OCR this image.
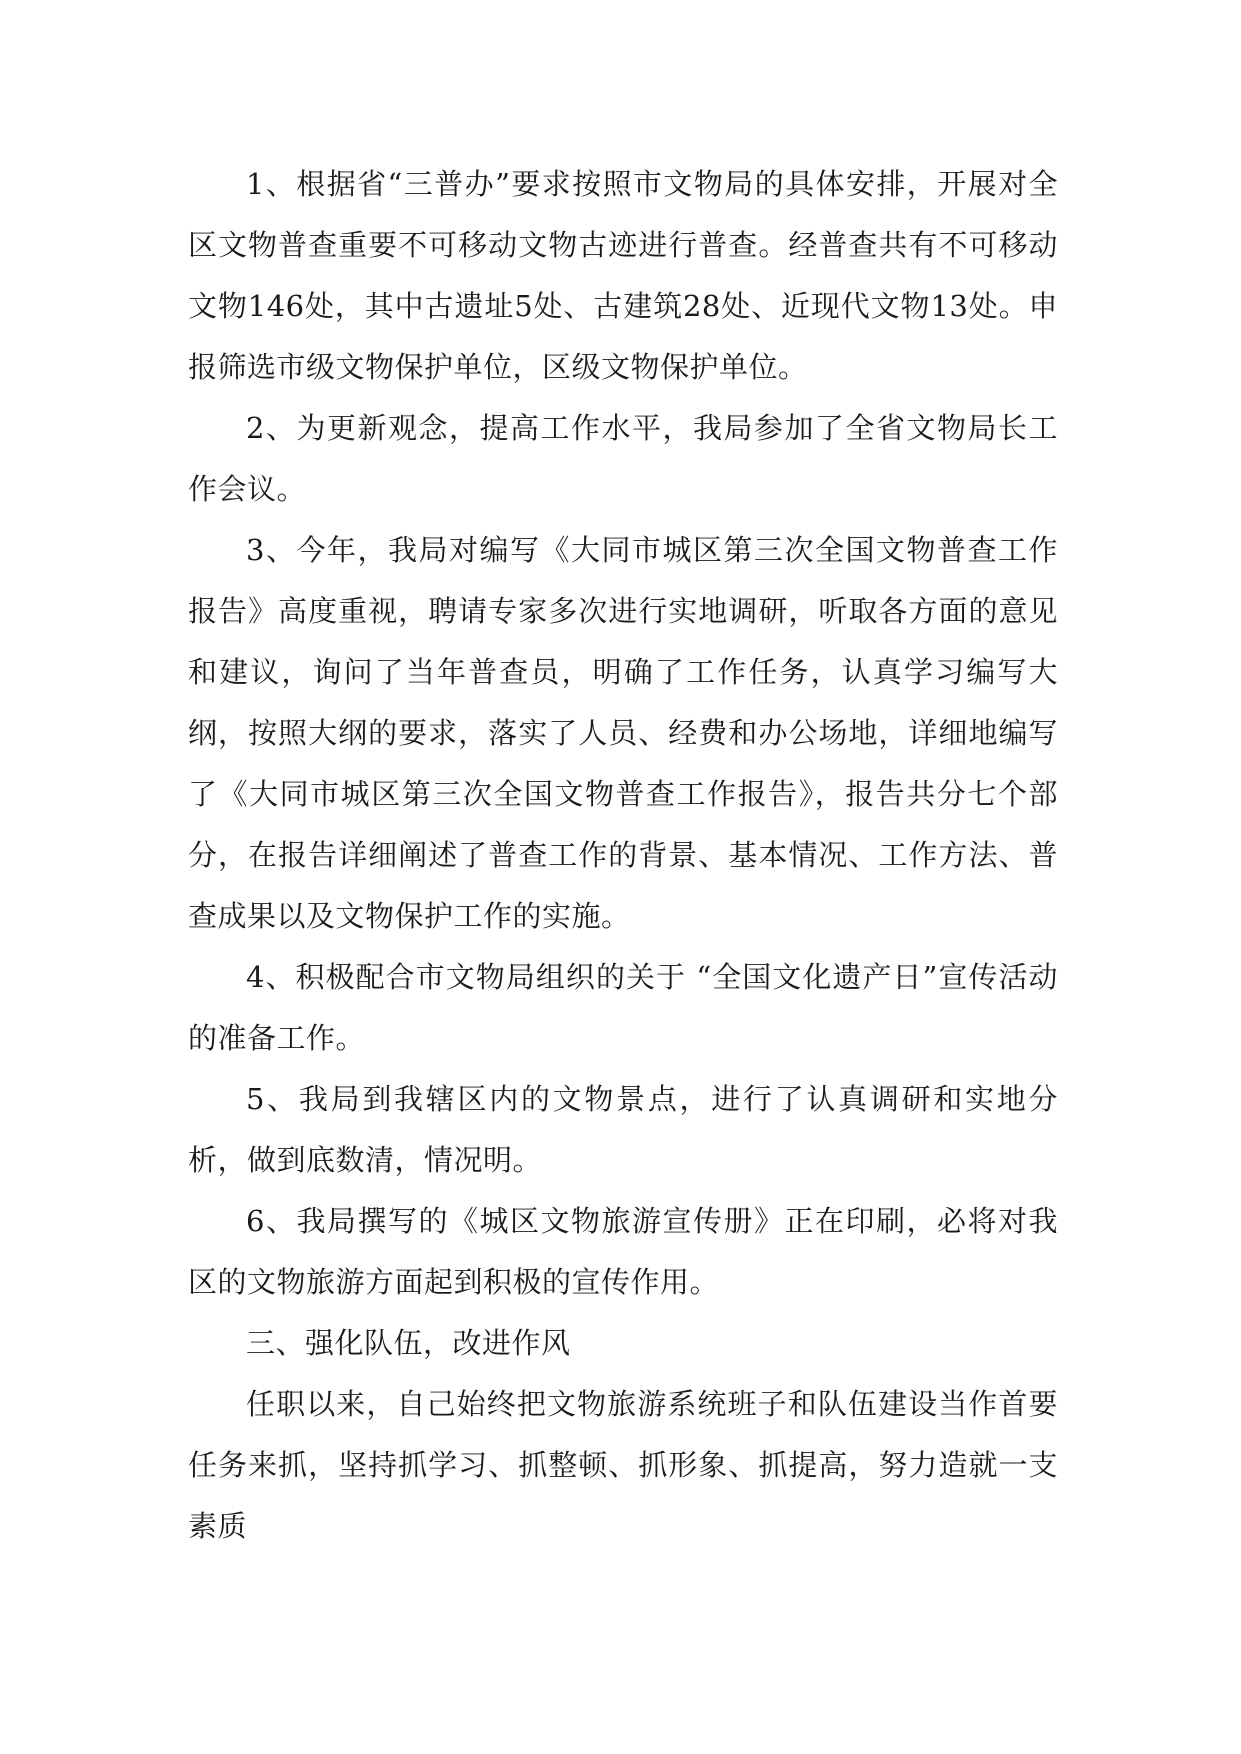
1、根据省“三普办”要求按照市文物局的具体安排，开展对全区文物普查重要不可移动文物古迹进行普查。经普查共有不可移动文物146处，其中古遗址5处、古建筑28处、近现代文物13处。申报筛选市级文物保护单位，区级文物保护单位。

2、为更新观念，提高工作水平，我局参加了全省文物局长工作会议。

3、今年，我局对编写《大同市城区第三次全国文物普查工作报告》高度重视，聘请专家多次进行实地调研，听取各方面的意见和建议，询问了当年普查员，明确了工作任务，认真学习编写大纲，按照大纲的要求，落实了人员、经费和办公场地，详细地编写了《大同市城区第三次全国文物普查工作报告》，报告共分七个部分，在报告详细阐述了普查工作的背景、基本情况、工作方法、普查成果以及文物保护工作的实施。

4、积极配合市文物局组织的关于 “全国文化遗产日”宣传活动的准备工作。

5、我局到我辖区内的文物景点，进行了认真调研和实地分析，做到底数清，情况明。

6、我局撰写的《城区文物旅游宣传册》正在印刷，必将对我区的文物旅游方面起到积极的宣传作用。

三、强化队伍，改进作风

任职以来，自己始终把文物旅游系统班子和队伍建设当作首要任务来抓，坚持抓学习、抓整顿、抓形象、抓提高，努力造就一支素质
